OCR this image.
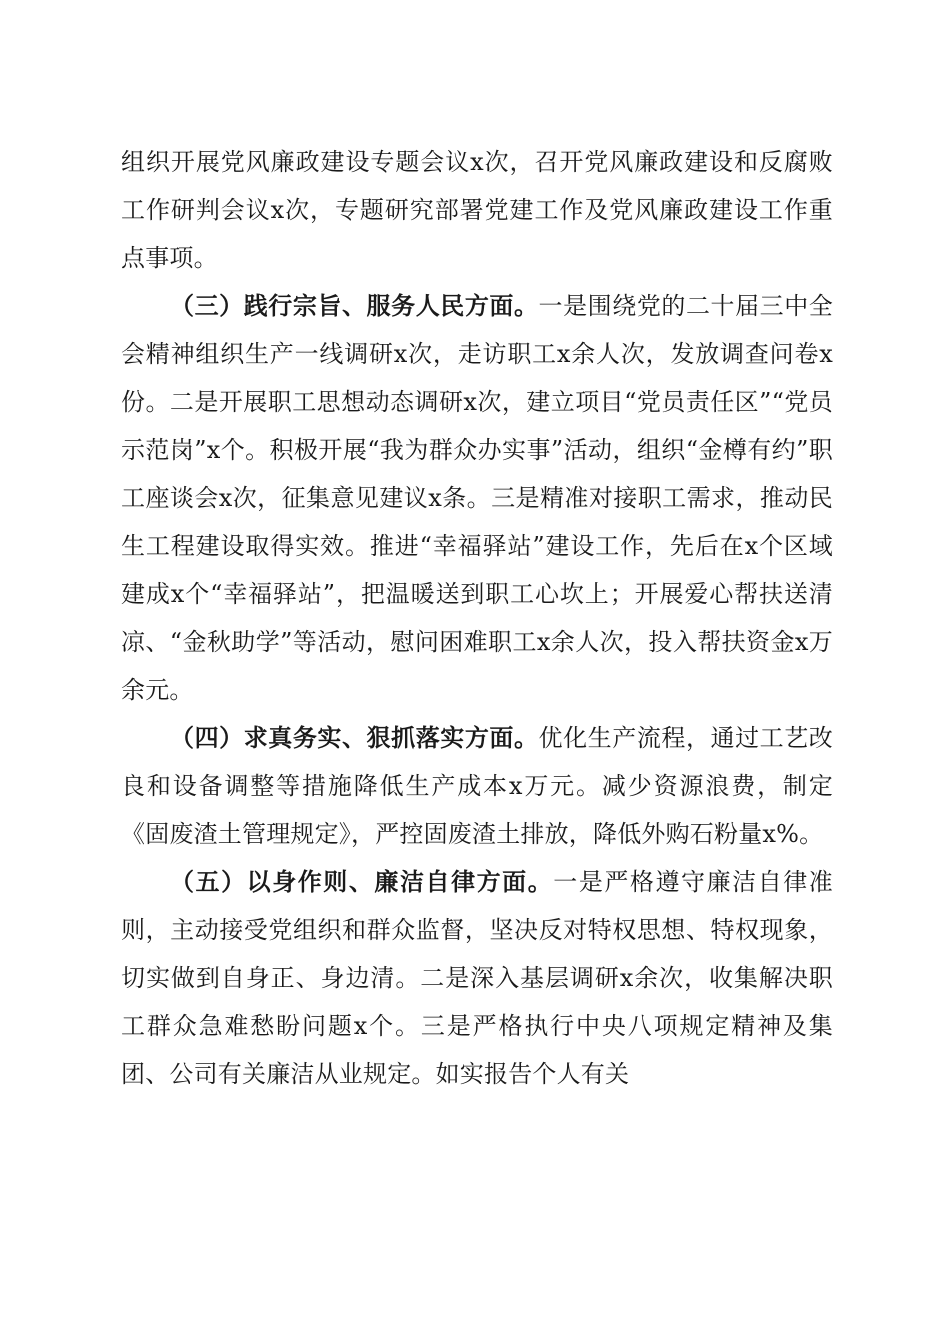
组织开展党风廉政建设专题会议x次，召开党风廉政建设和反腐败工作研判会议x次，专题研究部署党建工作及党风廉政建设工作重点事项。

（三）践行宗旨、服务人民方面。一是围绕党的二十届三中全会精神组织生产一线调研x次，走访职工x余人次，发放调查问卷x份。二是开展职工思想动态调研x次，建立项目“党员责任区”“党员示范岗”x个。积极开展“我为群众办实事”活动，组织“金樽有约”职工座谈会x次，征集意见建议x条。三是精准对接职工需求，推动民生工程建设取得实效。推进“幸福驿站”建设工作，先后在x个区域建成x个“幸福驿站”，把温暖送到职工心坎上；开展爱心帮扶送清凉、“金秋助学”等活动，慰问困难职工x余人次，投入帮扶资金x万余元。

（四）求真务实、狠抓落实方面。优化生产流程，通过工艺改良和设备调整等措施降低生产成本x万元。减少资源浪费，制定《固废渣土管理规定》，严控固废渣土排放，降低外购石粉量x%。

（五）以身作则、廉洁自律方面。一是严格遵守廉洁自律准则，主动接受党组织和群众监督，坚决反对特权思想、特权现象，切实做到自身正、身边清。二是深入基层调研x余次，收集解决职工群众急难愁盼问题x个。三是严格执行中央八项规定精神及集团、公司有关廉洁从业规定。如实报告个人有关
